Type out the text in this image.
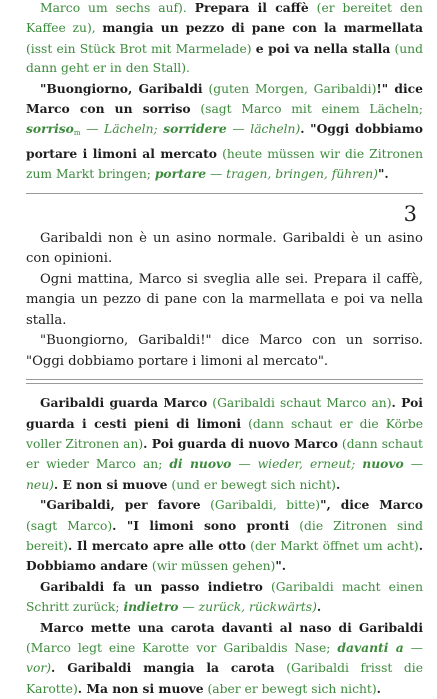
Marco um sechs auf). Prepara il caffè (er bereitet den Kaffee zu), mangia un pezzo di pane con la marmellata (isst ein Stück Brot mit Marmelade) e poi va nella stalla (und dann geht er in den Stall).

"Buongiorno, Garibaldi (guten Morgen, Garibaldi)!" dice Marco con un sorriso (sagt Marco mit einem Lächeln; sorriso$_m$ — Lächeln; sorridere — lächeln). "Oggi dobbiamo portare i limoni al mercato (heute müssen wir die Zitronen zum Markt bringen; portare — tragen, bringen, führen)".

3

Garibaldi non è un asino normale. Garibaldi è un asino con opinioni.

Ogni mattina, Marco si sveglia alle sei. Prepara il caffè, mangia un pezzo di pane con la marmellata e poi va nella stalla.

"Buongiorno, Garibaldi!" dice Marco con un sorriso. "Oggi dobbiamo portare i limoni al mercato".

Garibaldi guarda Marco (Garibaldi schaut Marco an). Poi guarda i cesti pieni di limoni (dann schaut er die Körbe voller Zitronen an). Poi guarda di nuovo Marco (dann schaut er wieder Marco an; di nuovo — wieder, erneut; nuovo — neu). E non si muove (und er bewegt sich nicht).

"Garibaldi, per favore (Garibaldi, bitte)", dice Marco (sagt Marco). "I limoni sono pronti (die Zitronen sind bereit). Il mercato apre alle otto (der Markt öffnet um acht). Dobbiamo andare (wir müssen gehen)".

Garibaldi fa un passo indietro (Garibaldi macht einen Schritt zurück; indietro — zurück, rückwärts).

Marco mette una carota davanti al naso di Garibaldi (Marco legt eine Karotte vor Garibaldis Nase; davanti a — vor). Garibaldi mangia la carota (Garibaldi frisst die Karotte). Ma non si muove (aber er bewegt sich nicht).
